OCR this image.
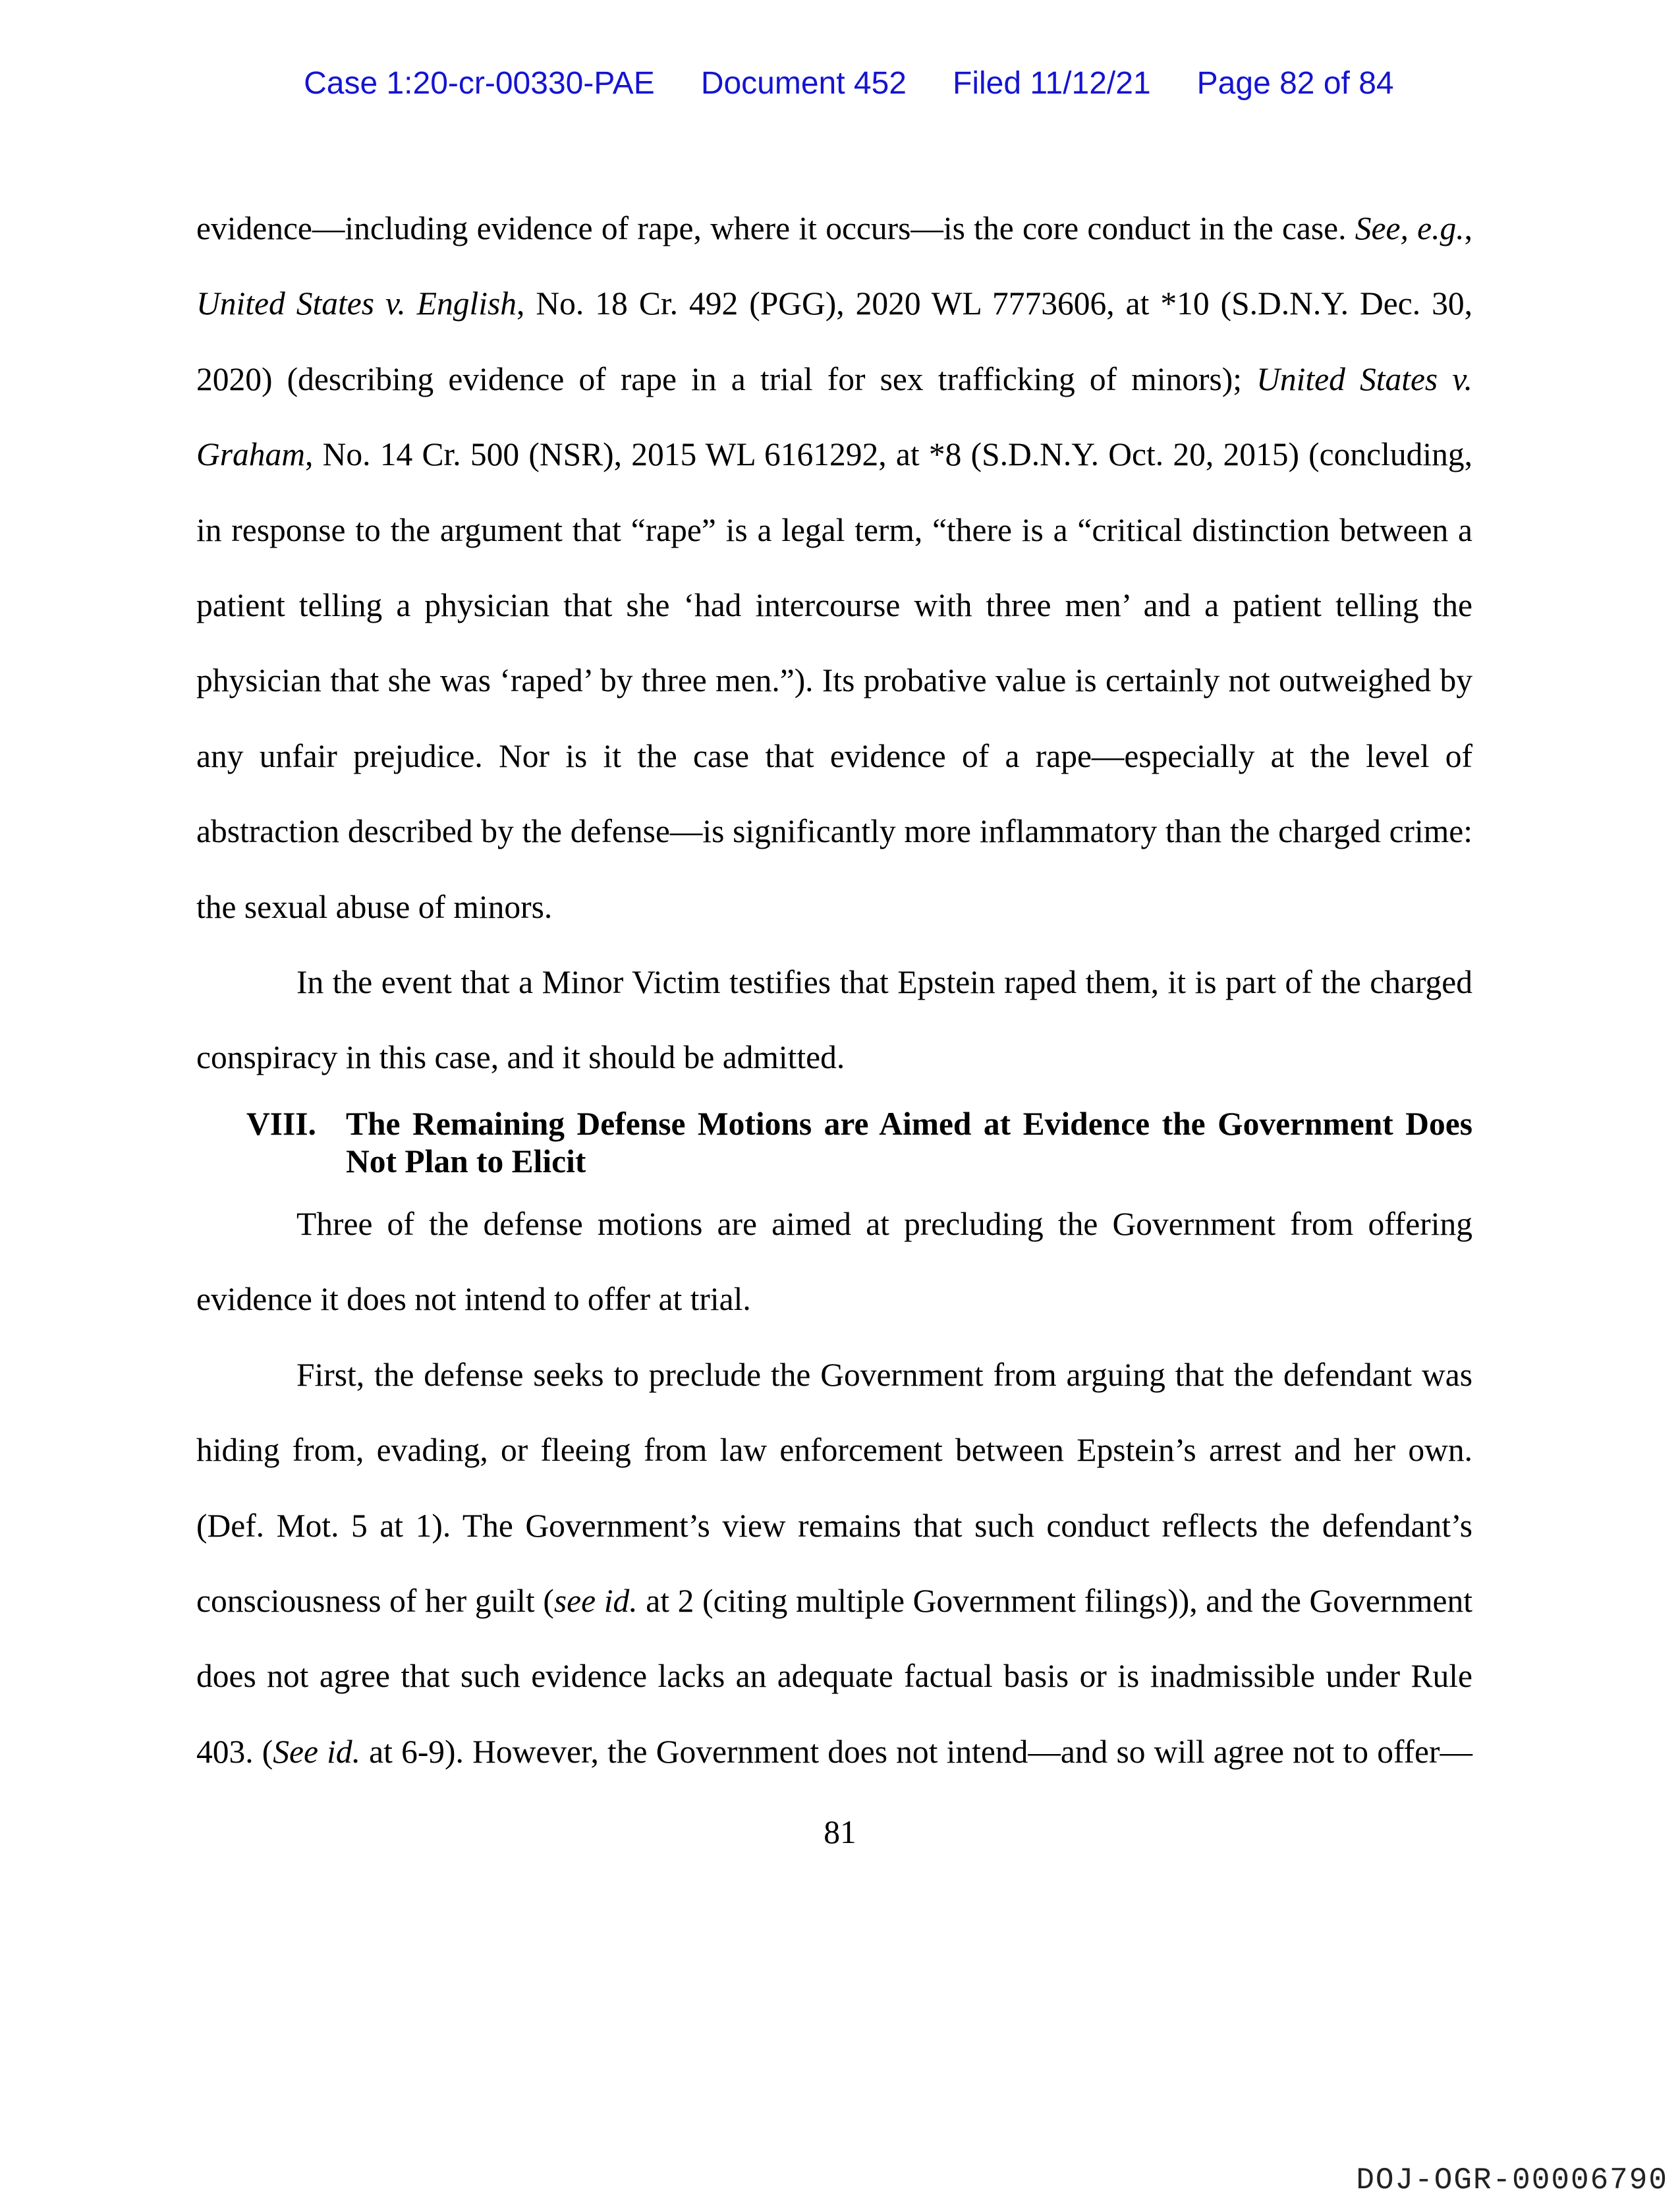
Case 1:20-cr-00330-PAE Document 452 Filed 11/12/21 Page 82 of 84

evidence—including evidence of rape, where it occurs—is the core conduct in the case. See, e.g., United States v. English, No. 18 Cr. 492 (PGG), 2020 WL 7773606, at *10 (S.D.N.Y. Dec. 30, 2020) (describing evidence of rape in a trial for sex trafficking of minors); United States v. Graham, No. 14 Cr. 500 (NSR), 2015 WL 6161292, at *8 (S.D.N.Y. Oct. 20, 2015) (concluding, in response to the argument that “rape” is a legal term, “there is a “critical distinction between a patient telling a physician that she ‘had intercourse with three men’ and a patient telling the physician that she was ‘raped’ by three men.”). Its probative value is certainly not outweighed by any unfair prejudice. Nor is it the case that evidence of a rape—especially at the level of abstraction described by the defense—is significantly more inflammatory than the charged crime: the sexual abuse of minors.

In the event that a Minor Victim testifies that Epstein raped them, it is part of the charged conspiracy in this case, and it should be admitted.

VIII. The Remaining Defense Motions are Aimed at Evidence the Government Does Not Plan to Elicit

Three of the defense motions are aimed at precluding the Government from offering evidence it does not intend to offer at trial.

First, the defense seeks to preclude the Government from arguing that the defendant was hiding from, evading, or fleeing from law enforcement between Epstein’s arrest and her own. (Def. Mot. 5 at 1). The Government’s view remains that such conduct reflects the defendant’s consciousness of her guilt (see id. at 2 (citing multiple Government filings)), and the Government does not agree that such evidence lacks an adequate factual basis or is inadmissible under Rule 403. (See id. at 6-9). However, the Government does not intend—and so will agree not to offer—

81
DOJ-OGR-00006790
